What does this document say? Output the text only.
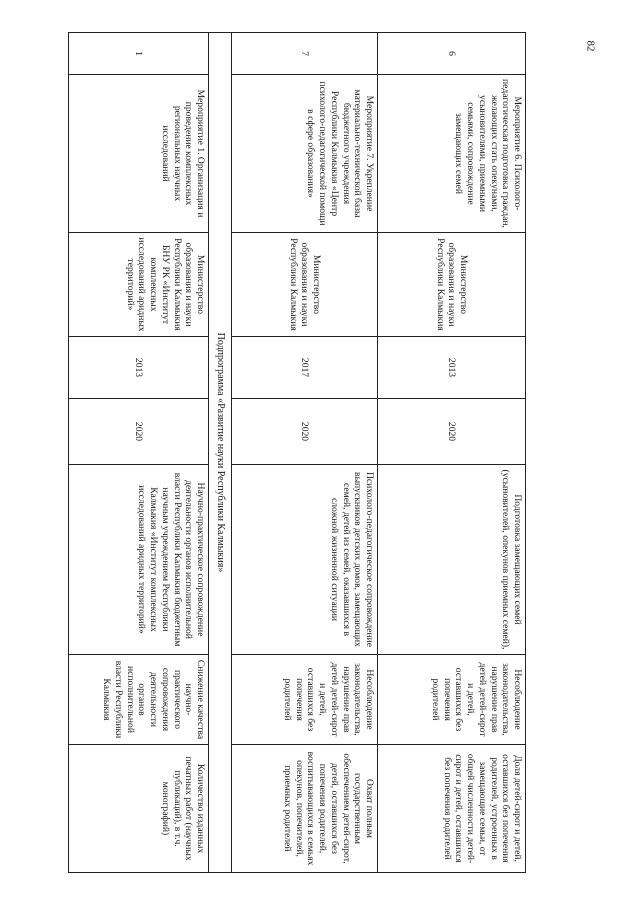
82
6	Мероприятие 6. Психолого-педагогическая подготовка граждан, желающих стать опекунами, усыновителями, приемными семьями, сопровождение замещающих семей	Министерство образования и науки Республики Калмыкия	2013	2020	Подготовка замещающих семей (усыновителей, опекунов приемных семей),	Несоблюдение законодательства, нарушение прав детей детей-сирот и детей, оставшихся без попечения родителей	Доля детей-сирот и детей, оставшихся без попечения родителей, устроенных в замещающие семьи, от общей численности детей-сирот и детей, оставшихся без попечения родителей
7	Мероприятие 7. Укрепление материально-технической базы бюджетного учреждения Республики Калмыкия «Центр психолого-педагогической помощи в сфере образования»	Министерство образования и науки Республики Калмыкия	2017	2020	Психолого-педагогическое сопровождение выпускников детских домов, замещающих семей, детей из семей, оказавшихся в сложной жизненной ситуации	Несоблюдение законодательства, нарушение прав детей детей-сирот и детей, оставшихся без попечения родителей	Охват полным государственным обеспечением детей-сирот, детей, оставшихся без попечения родителей, воспитывающихся в семьях опекунов, попечителей, приемных родителей
Подпрограмма «Развитие науки Республики Калмыкия»							
1	Мероприятие 1. Организация и проведение комплексных региональных научных исследований	Министерство образования и науки Республики Калмыкия БНУ РК «Институт комплексных исследований аридных территорий»	2013	2020	Научно-практическое сопровождение деятельности органов исполнительной власти Республики Калмыкия бюджетным научным учреждением Республики Калмыкия «Институт комплексных исследований аридных территорий»	Снижение качества научно-практического сопровождения деятельности органов исполнительной власти Республики Калмыкия	Количество изданных печатных работ (научных публикаций), в т.ч. монографий)
